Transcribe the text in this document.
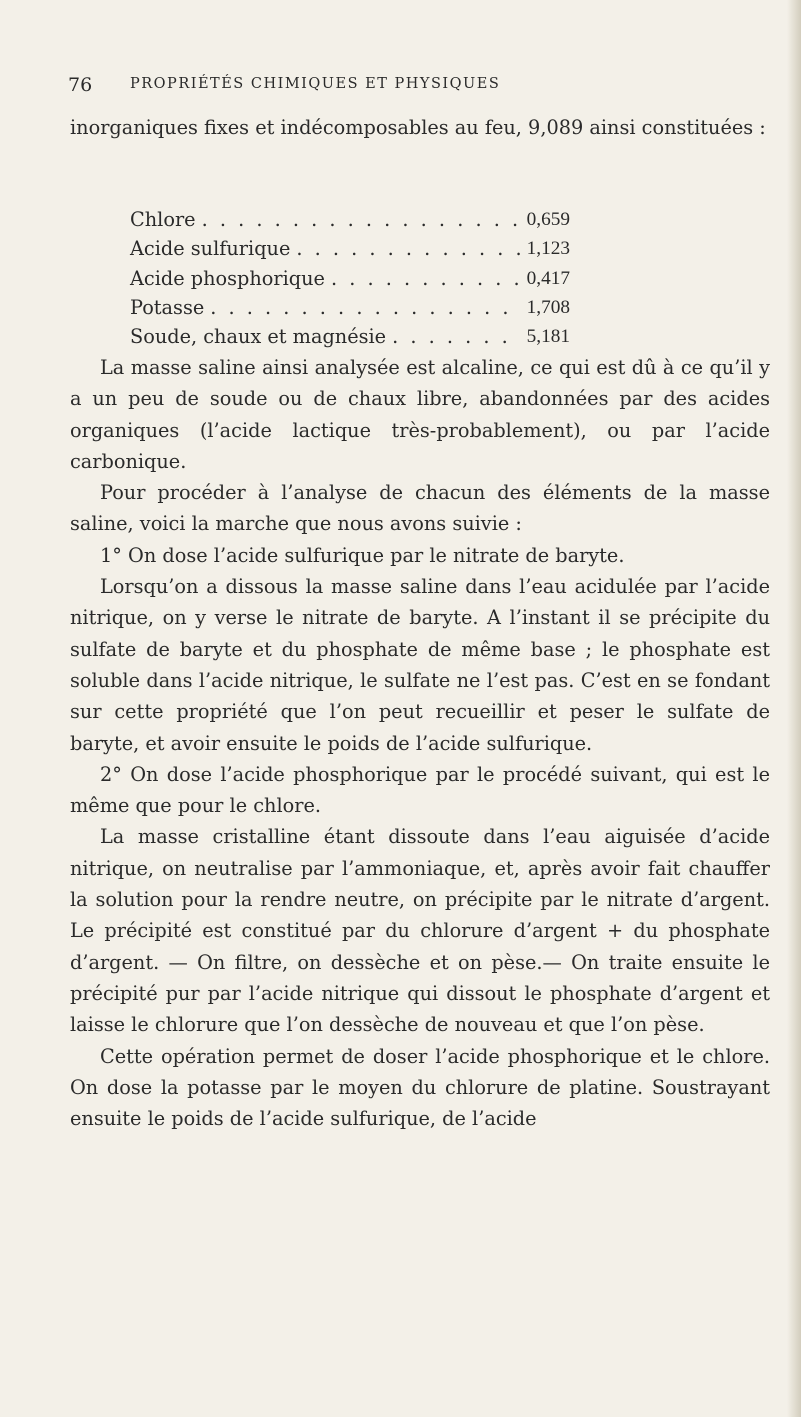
76	PROPRIÉTÉS CHIMIQUES ET PHYSIQUES

inorganiques fixes et indécomposables au feu, 9,089 ainsi constituées :

Chlore . . .	0,659
Acide sulfurique . . .	1,123
Acide phosphorique . . .	0,417
Potasse . . .	1,708
Soude, chaux et magnésie . . .	5,181

La masse saline ainsi analysée est alcaline, ce qui est dû à ce qu’il y a un peu de soude ou de chaux libre, abandonnées par des acides organiques (l’acide lactique très-probablement), ou par l’acide carbonique.

Pour procéder à l’analyse de chacun des éléments de la masse saline, voici la marche que nous avons suivie :

1° On dose l’acide sulfurique par le nitrate de baryte.

Lorsqu’on a dissous la masse saline dans l’eau acidulée par l’acide nitrique, on y verse le nitrate de baryte. A l’instant il se précipite du sulfate de baryte et du phosphate de même base ; le phosphate est soluble dans l’acide nitrique, le sulfate ne l’est pas. C’est en se fondant sur cette propriété que l’on peut recueillir et peser le sulfate de baryte, et avoir ensuite le poids de l’acide sulfurique.

2° On dose l’acide phosphorique par le procédé suivant, qui est le même que pour le chlore.

La masse cristalline étant dissoute dans l’eau aiguisée d’acide nitrique, on neutralise par l’ammoniaque, et, après avoir fait chauffer la solution pour la rendre neutre, on précipite par le nitrate d’argent. Le précipité est constitué par du chlorure d’argent + du phosphate d’argent. — On filtre, on dessèche et on pèse.— On traite ensuite le précipité pur par l’acide nitrique qui dissout le phosphate d’argent et laisse le chlorure que l’on dessèche de nouveau et que l’on pèse.

Cette opération permet de doser l’acide phosphorique et le chlore. On dose la potasse par le moyen du chlorure de platine. Soustrayant ensuite le poids de l’acide sulfurique, de l’acide
